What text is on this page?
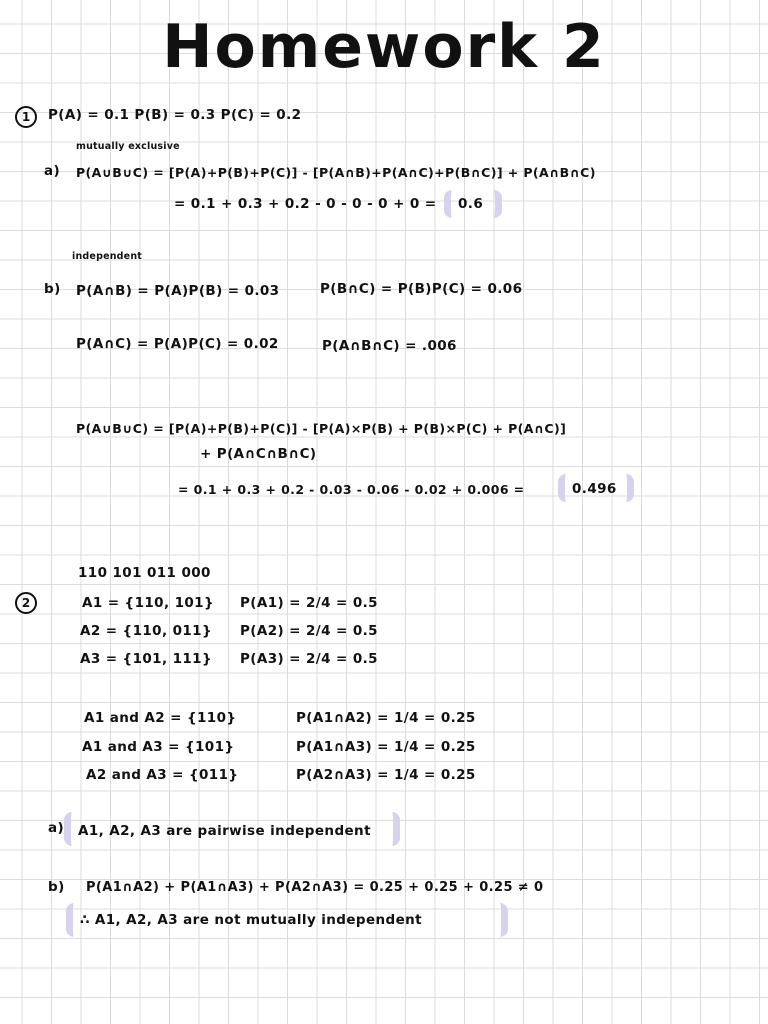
Homework 2
1	P(A) = 0.1 P(B) = 0.3 P(C) = 0.2
mutually exclusive
a) P(A∪B∪C) = [P(A)+P(B)+P(C)] - [P(A∩B)+P(A∩C)+P(B∩C)] + P(A∩B∩C)
= 0.1 + 0.3 + 0.2 - 0 - 0 - 0 + 0 = 0.6
independent
b) P(A∩B) = P(A)P(B) = 0.03	P(B∩C) = P(B)P(C) = 0.06
P(A∩C) = P(A)P(C) = 0.02	P(A∩B∩C) = .006
P(A∪B∪C) = [P(A)+P(B)+P(C)] - [P(A)×P(B) + P(B)×P(C) + P(A∩C)]
+ P(A∩C∩B∩C)
= 0.1 + 0.3 + 0.2 - 0.03 - 0.06 - 0.02 + 0.006 =	0.496
110 101 011 000
2	A1 = {110, 101} P(A1) = 2/4 = 0.5
A2 = {110, 011} P(A2) = 2/4 = 0.5
A3 = {101, 111} P(A3) = 2/4 = 0.5
A1 and A2 = {110}	P(A1∩A2) = 1/4 = 0.25
A1 and A3 = {101}	P(A1∩A3) = 1/4 = 0.25
A2 and A3 = {011}	P(A2∩A3) = 1/4 = 0.25
a) A1, A2, A3 are pairwise independent
b) P(A1∩A2) + P(A1∩A3) + P(A2∩A3) = 0.25 + 0.25 + 0.25 ≠ 0
∴ A1, A2, A3 are not mutually independent
